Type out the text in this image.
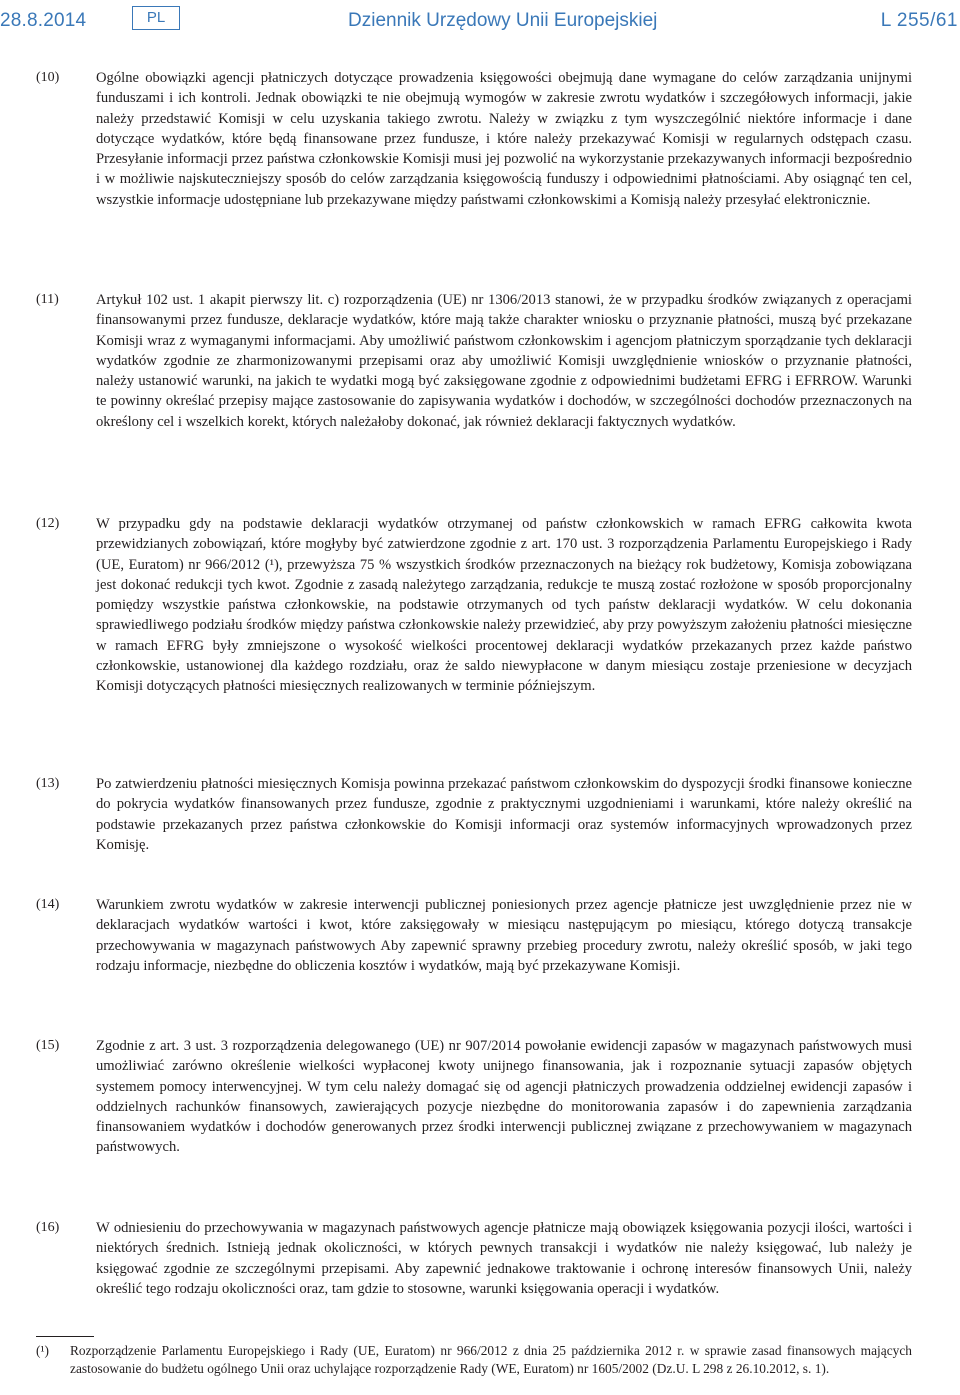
28.8.2014	PL	Dziennik Urzędowy Unii Europejskiej	L 255/61
(10)	Ogólne obowiązki agencji płatniczych dotyczące prowadzenia księgowości obejmują dane wymagane do celów zarządzania unijnymi funduszami i ich kontroli. Jednak obowiązki te nie obejmują wymogów w zakresie zwrotu wydatków i szczegółowych informacji, jakie należy przedstawić Komisji w celu uzyskania takiego zwrotu. Należy w związku z tym wyszczególnić niektóre informacje i dane dotyczące wydatków, które będą finansowane przez fundusze, i które należy przekazywać Komisji w regularnych odstępach czasu. Przesyłanie informacji przez państwa członkowskie Komisji musi jej pozwolić na wykorzystanie przekazywanych informacji bezpośrednio i w możliwie najskuteczniejszy sposób do celów zarządzania księgowością funduszy i odpowiednimi płatnościami. Aby osiągnąć ten cel, wszystkie informacje udostępniane lub przekazywane między państwami członkowskimi a Komisją należy przesyłać elektronicznie.
(11)	Artykuł 102 ust. 1 akapit pierwszy lit. c) rozporządzenia (UE) nr 1306/2013 stanowi, że w przypadku środków związanych z operacjami finansowanymi przez fundusze, deklaracje wydatków, które mają także charakter wniosku o przyznanie płatności, muszą być przekazane Komisji wraz z wymaganymi informacjami. Aby umożliwić państwom członkowskim i agencjom płatniczym sporządzanie tych deklaracji wydatków zgodnie ze zharmonizowanymi przepisami oraz aby umożliwić Komisji uwzględnienie wniosków o przyznanie płatności, należy ustanowić warunki, na jakich te wydatki mogą być zaksięgowane zgodnie z odpowiednimi budżetami EFRG i EFRROW. Warunki te powinny określać przepisy mające zastosowanie do zapisywania wydatków i dochodów, w szczególności dochodów przeznaczonych na określony cel i wszelkich korekt, których należałoby dokonać, jak również deklaracji faktycznych wydatków.
(12)	W przypadku gdy na podstawie deklaracji wydatków otrzymanej od państw członkowskich w ramach EFRG całkowita kwota przewidzianych zobowiązań, które mogłyby być zatwierdzone zgodnie z art. 170 ust. 3 rozporządzenia Parlamentu Europejskiego i Rady (UE, Euratom) nr 966/2012 (¹), przewyższa 75 % wszystkich środków przeznaczonych na bieżący rok budżetowy, Komisja zobowiązana jest dokonać redukcji tych kwot. Zgodnie z zasadą należytego zarządzania, redukcje te muszą zostać rozłożone w sposób proporcjonalny pomiędzy wszystkie państwa członkowskie, na podstawie otrzymanych od tych państw deklaracji wydatków. W celu dokonania sprawiedliwego podziału środków między państwa członkowskie należy przewidzieć, aby przy powyższym założeniu płatności miesięczne w ramach EFRG były zmniejszone o wysokość wielkości procentowej deklaracji wydatków przekazanych przez każde państwo członkowskie, ustanowionej dla każdego rozdziału, oraz że saldo niewypłacone w danym miesiącu zostaje przeniesione w decyzjach Komisji dotyczących płatności miesięcznych realizowanych w terminie późniejszym.
(13)	Po zatwierdzeniu płatności miesięcznych Komisja powinna przekazać państwom członkowskim do dyspozycji środki finansowe konieczne do pokrycia wydatków finansowanych przez fundusze, zgodnie z praktycznymi uzgodnieniami i warunkami, które należy określić na podstawie przekazanych przez państwa członkowskie do Komisji informacji oraz systemów informacyjnych wprowadzonych przez Komisję.
(14)	Warunkiem zwrotu wydatków w zakresie interwencji publicznej poniesionych przez agencje płatnicze jest uwzględnienie przez nie w deklaracjach wydatków wartości i kwot, które zaksięgowały w miesiącu następującym po miesiącu, którego dotyczą transakcje przechowywania w magazynach państwowych Aby zapewnić sprawny przebieg procedury zwrotu, należy określić sposób, w jaki tego rodzaju informacje, niezbędne do obliczenia kosztów i wydatków, mają być przekazywane Komisji.
(15)	Zgodnie z art. 3 ust. 3 rozporządzenia delegowanego (UE) nr 907/2014 powołanie ewidencji zapasów w magazynach państwowych musi umożliwiać zarówno określenie wielkości wypłaconej kwoty unijnego finansowania, jak i rozpoznanie sytuacji zapasów objętych systemem pomocy interwencyjnej. W tym celu należy domagać się od agencji płatniczych prowadzenia oddzielnej ewidencji zapasów i oddzielnych rachunków finansowych, zawierających pozycje niezbędne do monitorowania zapasów i do zapewnienia zarządzania finansowaniem wydatków i dochodów generowanych przez środki interwencji publicznej związane z przechowywaniem w magazynach państwowych.
(16)	W odniesieniu do przechowywania w magazynach państwowych agencje płatnicze mają obowiązek księgowania pozycji ilości, wartości i niektórych średnich. Istnieją jednak okoliczności, w których pewnych transakcji i wydatków nie należy księgować, lub należy je księgować zgodnie ze szczególnymi przepisami. Aby zapewnić jednakowe traktowanie i ochronę interesów finansowych Unii, należy określić tego rodzaju okoliczności oraz, tam gdzie to stosowne, warunki księgowania operacji i wydatków.
(¹)	Rozporządzenie Parlamentu Europejskiego i Rady (UE, Euratom) nr 966/2012 z dnia 25 października 2012 r. w sprawie zasad finansowych mających zastosowanie do budżetu ogólnego Unii oraz uchylające rozporządzenie Rady (WE, Euratom) nr 1605/2002 (Dz.U. L 298 z 26.10.2012, s. 1).
